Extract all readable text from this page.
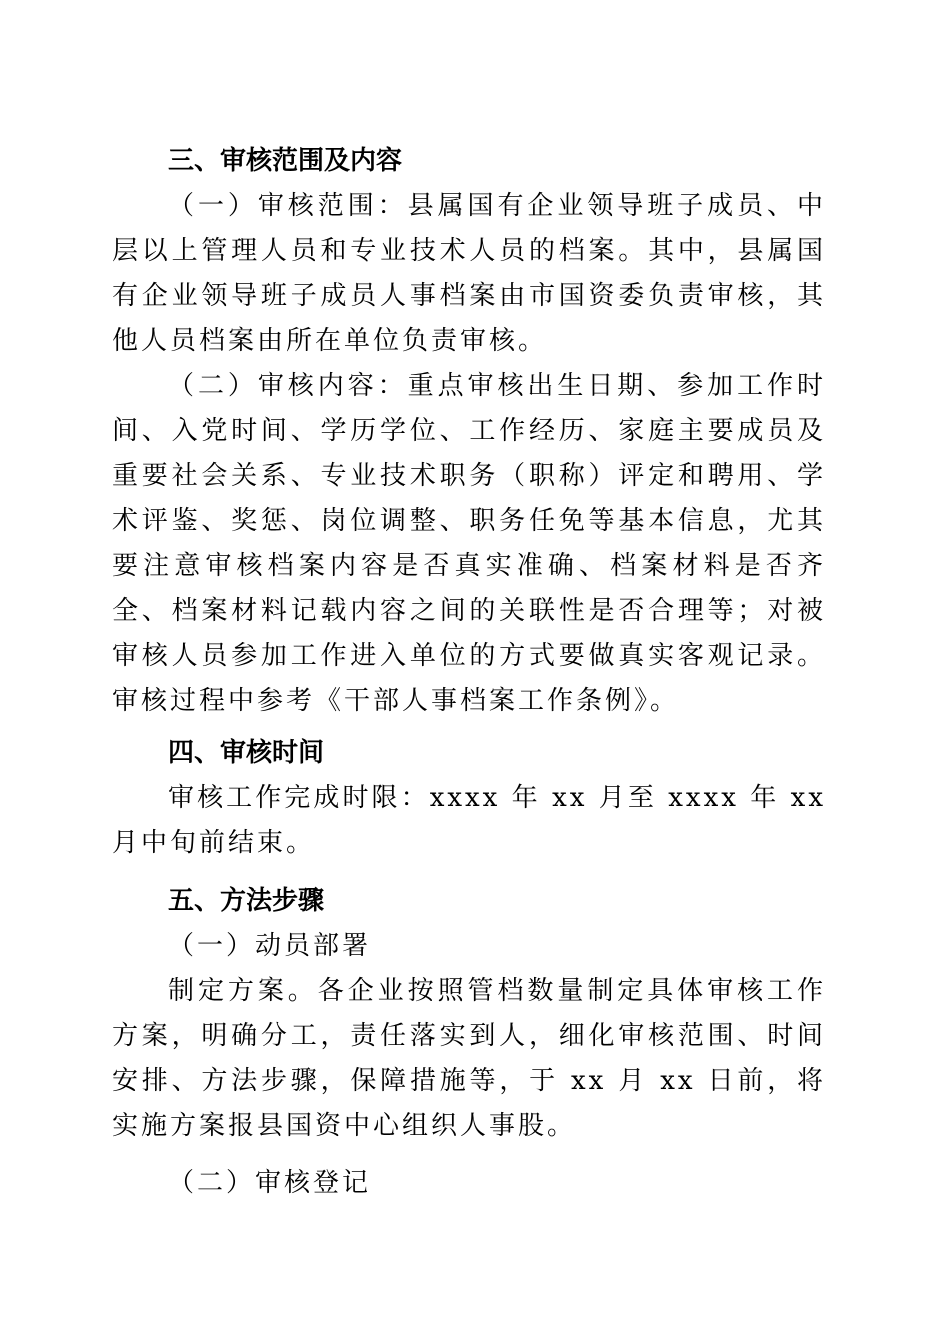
三、审核范围及内容

（一）审核范围：县属国有企业领导班子成员、中层以上管理人员和专业技术人员的档案。其中，县属国有企业领导班子成员人事档案由市国资委负责审核，其他人员档案由所在单位负责审核。

（二）审核内容：重点审核出生日期、参加工作时间、入党时间、学历学位、工作经历、家庭主要成员及重要社会关系、专业技术职务（职称）评定和聘用、学术评鉴、奖惩、岗位调整、职务任免等基本信息，尤其要注意审核档案内容是否真实准确、档案材料是否齐全、档案材料记载内容之间的关联性是否合理等；对被审核人员参加工作进入单位的方式要做真实客观记录。审核过程中参考《干部人事档案工作条例》。

四、审核时间

审核工作完成时限：xxxx 年 xx 月至 xxxx 年 xx 月中旬前结束。

五、方法步骤

（一）动员部署

制定方案。各企业按照管档数量制定具体审核工作方案，明确分工，责任落实到人，细化审核范围、时间安排、方法步骤，保障措施等，于 xx 月 xx 日前，将实施方案报县国资中心组织人事股。

（二）审核登记
